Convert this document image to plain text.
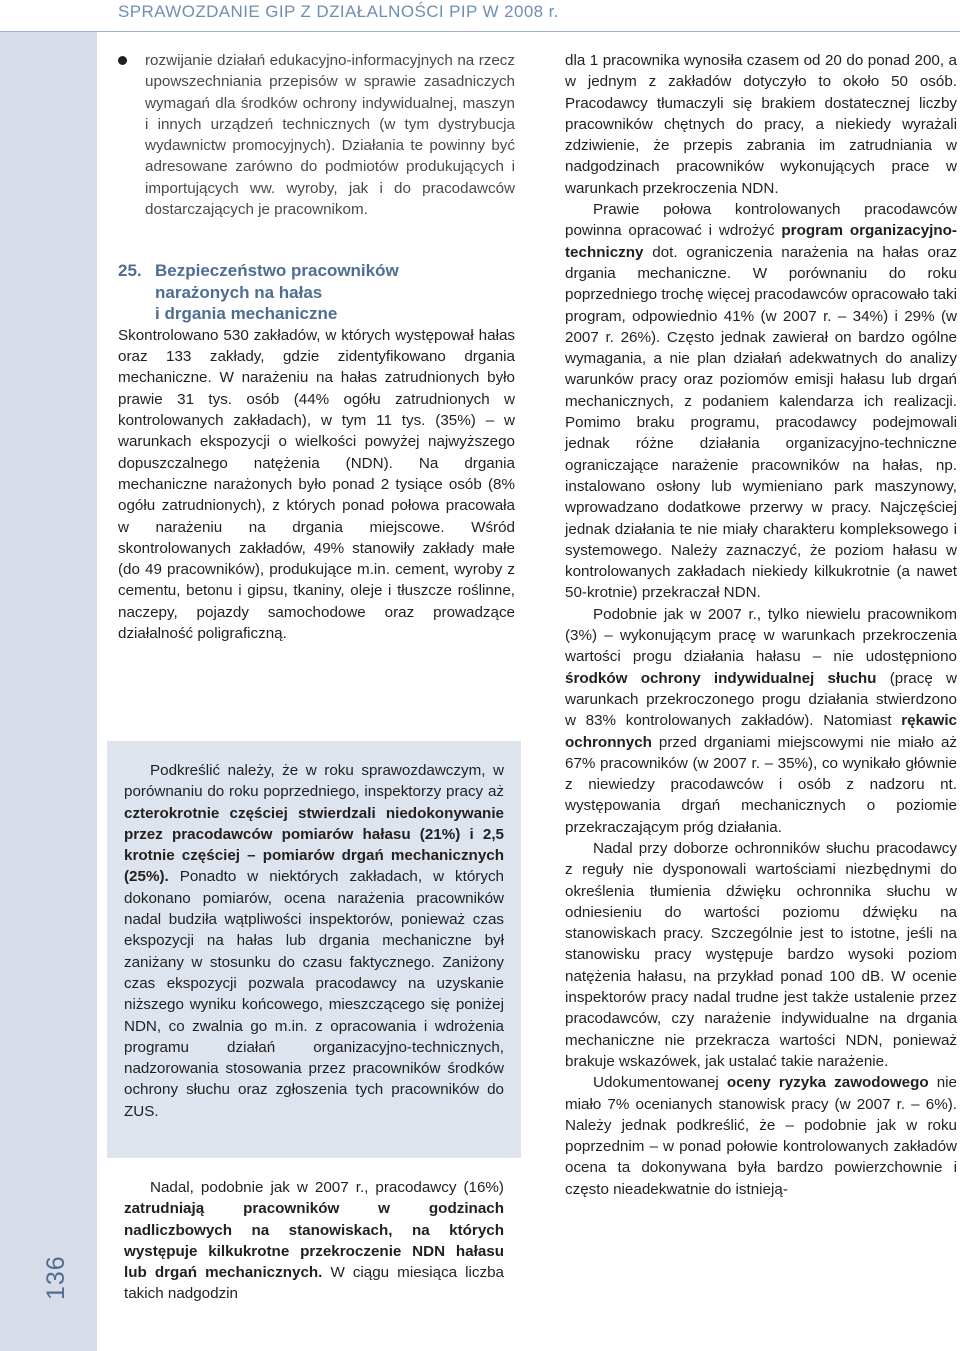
SPRAWOZDANIE GIP Z DZIAŁALNOŚCI PIP W 2008 r.
136
rozwijanie działań edukacyjno-informacyjnych na rzecz upowszechniania przepisów w sprawie zasadniczych wymagań dla środków ochrony indywidualnej, maszyn i innych urządzeń technicznych (w tym dystrybucja wydawnictw promocyjnych). Działania te powinny być adresowane zarówno do podmiotów produkujących i importujących ww. wyroby, jak i do pracodawców dostarczających je pracownikom.
25. Bezpieczeństwo pracowników
narażonych na hałas
i drgania mechaniczne

Skontrolowano 530 zakładów, w których występował hałas oraz 133 zakłady, gdzie zidentyfikowano drgania mechaniczne. W narażeniu na hałas zatrudnionych było prawie 31 tys. osób (44% ogółu zatrudnionych w kontrolowanych zakładach), w tym 11 tys. (35%) – w warunkach ekspozycji o wielkości powyżej najwyższego dopuszczalnego natężenia (NDN). Na drgania mechaniczne narażonych było ponad 2 tysiące osób (8% ogółu zatrudnionych), z których ponad połowa pracowała w narażeniu na drgania miejscowe. Wśród skontrolowanych zakładów, 49% stanowiły zakłady małe (do 49 pracowników), produkujące m.in. cement, wyroby z cementu, betonu i gipsu, tkaniny, oleje i tłuszcze roślinne, naczepy, pojazdy samochodowe oraz prowadzące działalność poligraficzną.

Podkreślić należy, że w roku sprawozdawczym, w porównaniu do roku poprzedniego, inspektorzy pracy aż czterokrotnie częściej stwierdzali niedokonywanie przez pracodawców pomiarów hałasu (21%) i 2,5 krotnie częściej – pomiarów drgań mechanicznych (25%). Ponadto w niektórych zakładach, w których dokonano pomiarów, ocena narażenia pracowników nadal budziła wątpliwości inspektorów, ponieważ czas ekspozycji na hałas lub drgania mechaniczne był zaniżany w stosunku do czasu faktycznego. Zaniżony czas ekspozycji pozwala pracodawcy na uzyskanie niższego wyniku końcowego, mieszczącego się poniżej NDN, co zwalnia go m.in. z opracowania i wdrożenia programu działań organizacyjno-technicznych, nadzorowania stosowania przez pracowników środków ochrony słuchu oraz zgłoszenia tych pracowników do ZUS.

Nadal, podobnie jak w 2007 r., pracodawcy (16%) zatrudniają pracowników w godzinach nadliczbowych na stanowiskach, na których występuje kilkukrotne przekroczenie NDN hałasu lub drgań mechanicznych. W ciągu miesiąca liczba takich nadgodzin

dla 1 pracownika wynosiła czasem od 20 do ponad 200, a w jednym z zakładów dotyczyło to około 50 osób. Pracodawcy tłumaczyli się brakiem dostatecznej liczby pracowników chętnych do pracy, a niekiedy wyrażali zdziwienie, że przepis zabrania im zatrudniania w nadgodzinach pracowników wykonujących prace w warunkach przekroczenia NDN.

Prawie połowa kontrolowanych pracodawców powinna opracować i wdrożyć program organizacyjno-techniczny dot. ograniczenia narażenia na hałas oraz drgania mechaniczne. W porównaniu do roku poprzedniego trochę więcej pracodawców opracowało taki program, odpowiednio 41% (w 2007 r. – 34%) i 29% (w 2007 r. 26%). Często jednak zawierał on bardzo ogólne wymagania, a nie plan działań adekwatnych do analizy warunków pracy oraz poziomów emisji hałasu lub drgań mechanicznych, z podaniem kalendarza ich realizacji. Pomimo braku programu, pracodawcy podejmowali jednak różne działania organizacyjno-techniczne ograniczające narażenie pracowników na hałas, np. instalowano osłony lub wymieniano park maszynowy, wprowadzano dodatkowe przerwy w pracy. Najczęściej jednak działania te nie miały charakteru kompleksowego i systemowego. Należy zaznaczyć, że poziom hałasu w kontrolowanych zakładach niekiedy kilkukrotnie (a nawet 50-krotnie) przekraczał NDN.

Podobnie jak w 2007 r., tylko niewielu pracownikom (3%) – wykonującym pracę w warunkach przekroczenia wartości progu działania hałasu – nie udostępniono środków ochrony indywidualnej słuchu (pracę w warunkach przekroczonego progu działania stwierdzono w 83% kontrolowanych zakładów). Natomiast rękawic ochronnych przed drganiami miejscowymi nie miało aż 67% pracowników (w 2007 r. – 35%), co wynikało głównie z niewiedzy pracodawców i osób z nadzoru nt. występowania drgań mechanicznych o poziomie przekraczającym próg działania.

Nadal przy doborze ochronników słuchu pracodawcy z reguły nie dysponowali wartościami niezbędnymi do określenia tłumienia dźwięku ochronnika słuchu w odniesieniu do wartości poziomu dźwięku na stanowiskach pracy. Szczególnie jest to istotne, jeśli na stanowisku pracy występuje bardzo wysoki poziom natężenia hałasu, na przykład ponad 100 dB. W ocenie inspektorów pracy nadal trudne jest także ustalenie przez pracodawców, czy narażenie indywidualne na drgania mechaniczne nie przekracza wartości NDN, ponieważ brakuje wskazówek, jak ustalać takie narażenie.

Udokumentowanej oceny ryzyka zawodowego nie miało 7% ocenianych stanowisk pracy (w 2007 r. – 6%). Należy jednak podkreślić, że – podobnie jak w roku poprzednim – w ponad połowie kontrolowanych zakładów ocena ta dokonywana była bardzo powierzchownie i często nieadekwatnie do istnieją-
